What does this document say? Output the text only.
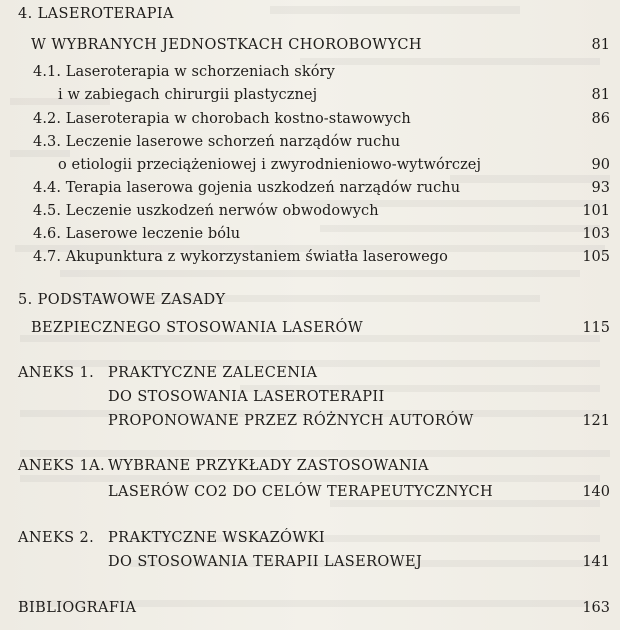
4. LASEROTERAPIA
W WYBRANYCH JEDNOSTKACH CHOROBOWYCH	81
4.1. Laseroterapia w schorzeniach skóry
i w zabiegach chirurgii plastycznej	81
4.2. Laseroterapia w chorobach kostno-stawowych	86
4.3. Leczenie laserowe schorzeń narządów ruchu
o etiologii przeciążeniowej i zwyrodnieniowo-wytwórczej	90
4.4. Terapia laserowa gojenia uszkodzeń narządów ruchu	93
4.5. Leczenie uszkodzeń nerwów obwodowych	101
4.6. Laserowe leczenie bólu	103
4.7. Akupunktura z wykorzystaniem światła laserowego	105
5. PODSTAWOWE ZASADY
BEZPIECZNEGO STOSOWANIA LASERÓW	115
ANEKS 1. PRAKTYCZNE ZALECENIA
DO STOSOWANIA LASEROTERAPII
PROPONOWANE PRZEZ RÓŻNYCH AUTORÓW	121
ANEKS 1A. WYBRANE PRZYKŁADY ZASTOSOWANIA
LASERÓW CO2 DO CELÓW TERAPEUTYCZNYCH	140
ANEKS 2. PRAKTYCZNE WSKAZÓWKI
DO STOSOWANIA TERAPII LASEROWEJ	141
BIBLIOGRAFIA	163
